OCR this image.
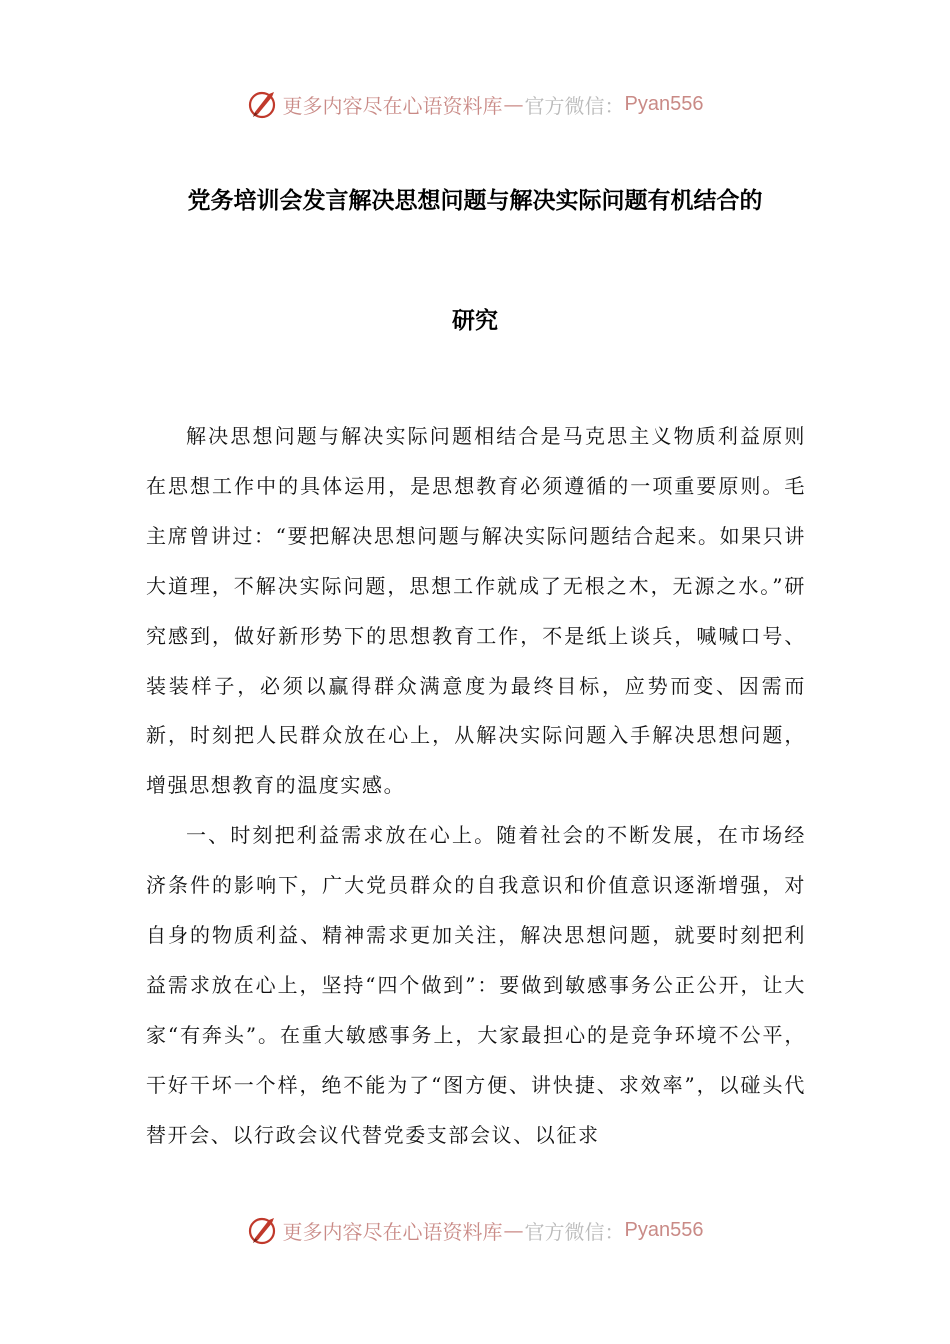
更多内容尽在心语资料库 — 官方微信： Pyan556
党务培训会发言解决思想问题与解决实际问题有机结合的
研究

解决思想问题与解决实际问题相结合是马克思主义物质利益原则在思想工作中的具体运用，是思想教育必须遵循的一项重要原则。毛主席曾讲过：“要把解决思想问题与解决实际问题结合起来。如果只讲大道理，不解决实际问题，思想工作就成了无根之木，无源之水。”研究感到，做好新形势下的思想教育工作，不是纸上谈兵，喊喊口号、装装样子，必须以赢得群众满意度为最终目标，应势而变、因需而新，时刻把人民群众放在心上，从解决实际问题入手解决思想问题，增强思想教育的温度实感。

一、时刻把利益需求放在心上。随着社会的不断发展，在市场经济条件的影响下，广大党员群众的自我意识和价值意识逐渐增强，对自身的物质利益、精神需求更加关注，解决思想问题，就要时刻把利益需求放在心上，坚持“四个做到”：要做到敏感事务公正公开，让大家“有奔头”。在重大敏感事务上，大家最担心的是竞争环境不公平，干好干坏一个样，绝不能为了“图方便、讲快捷、求效率”，以碰头代替开会、以行政会议代替党委支部会议、以征求

更多内容尽在心语资料库 — 官方微信： Pyan556
